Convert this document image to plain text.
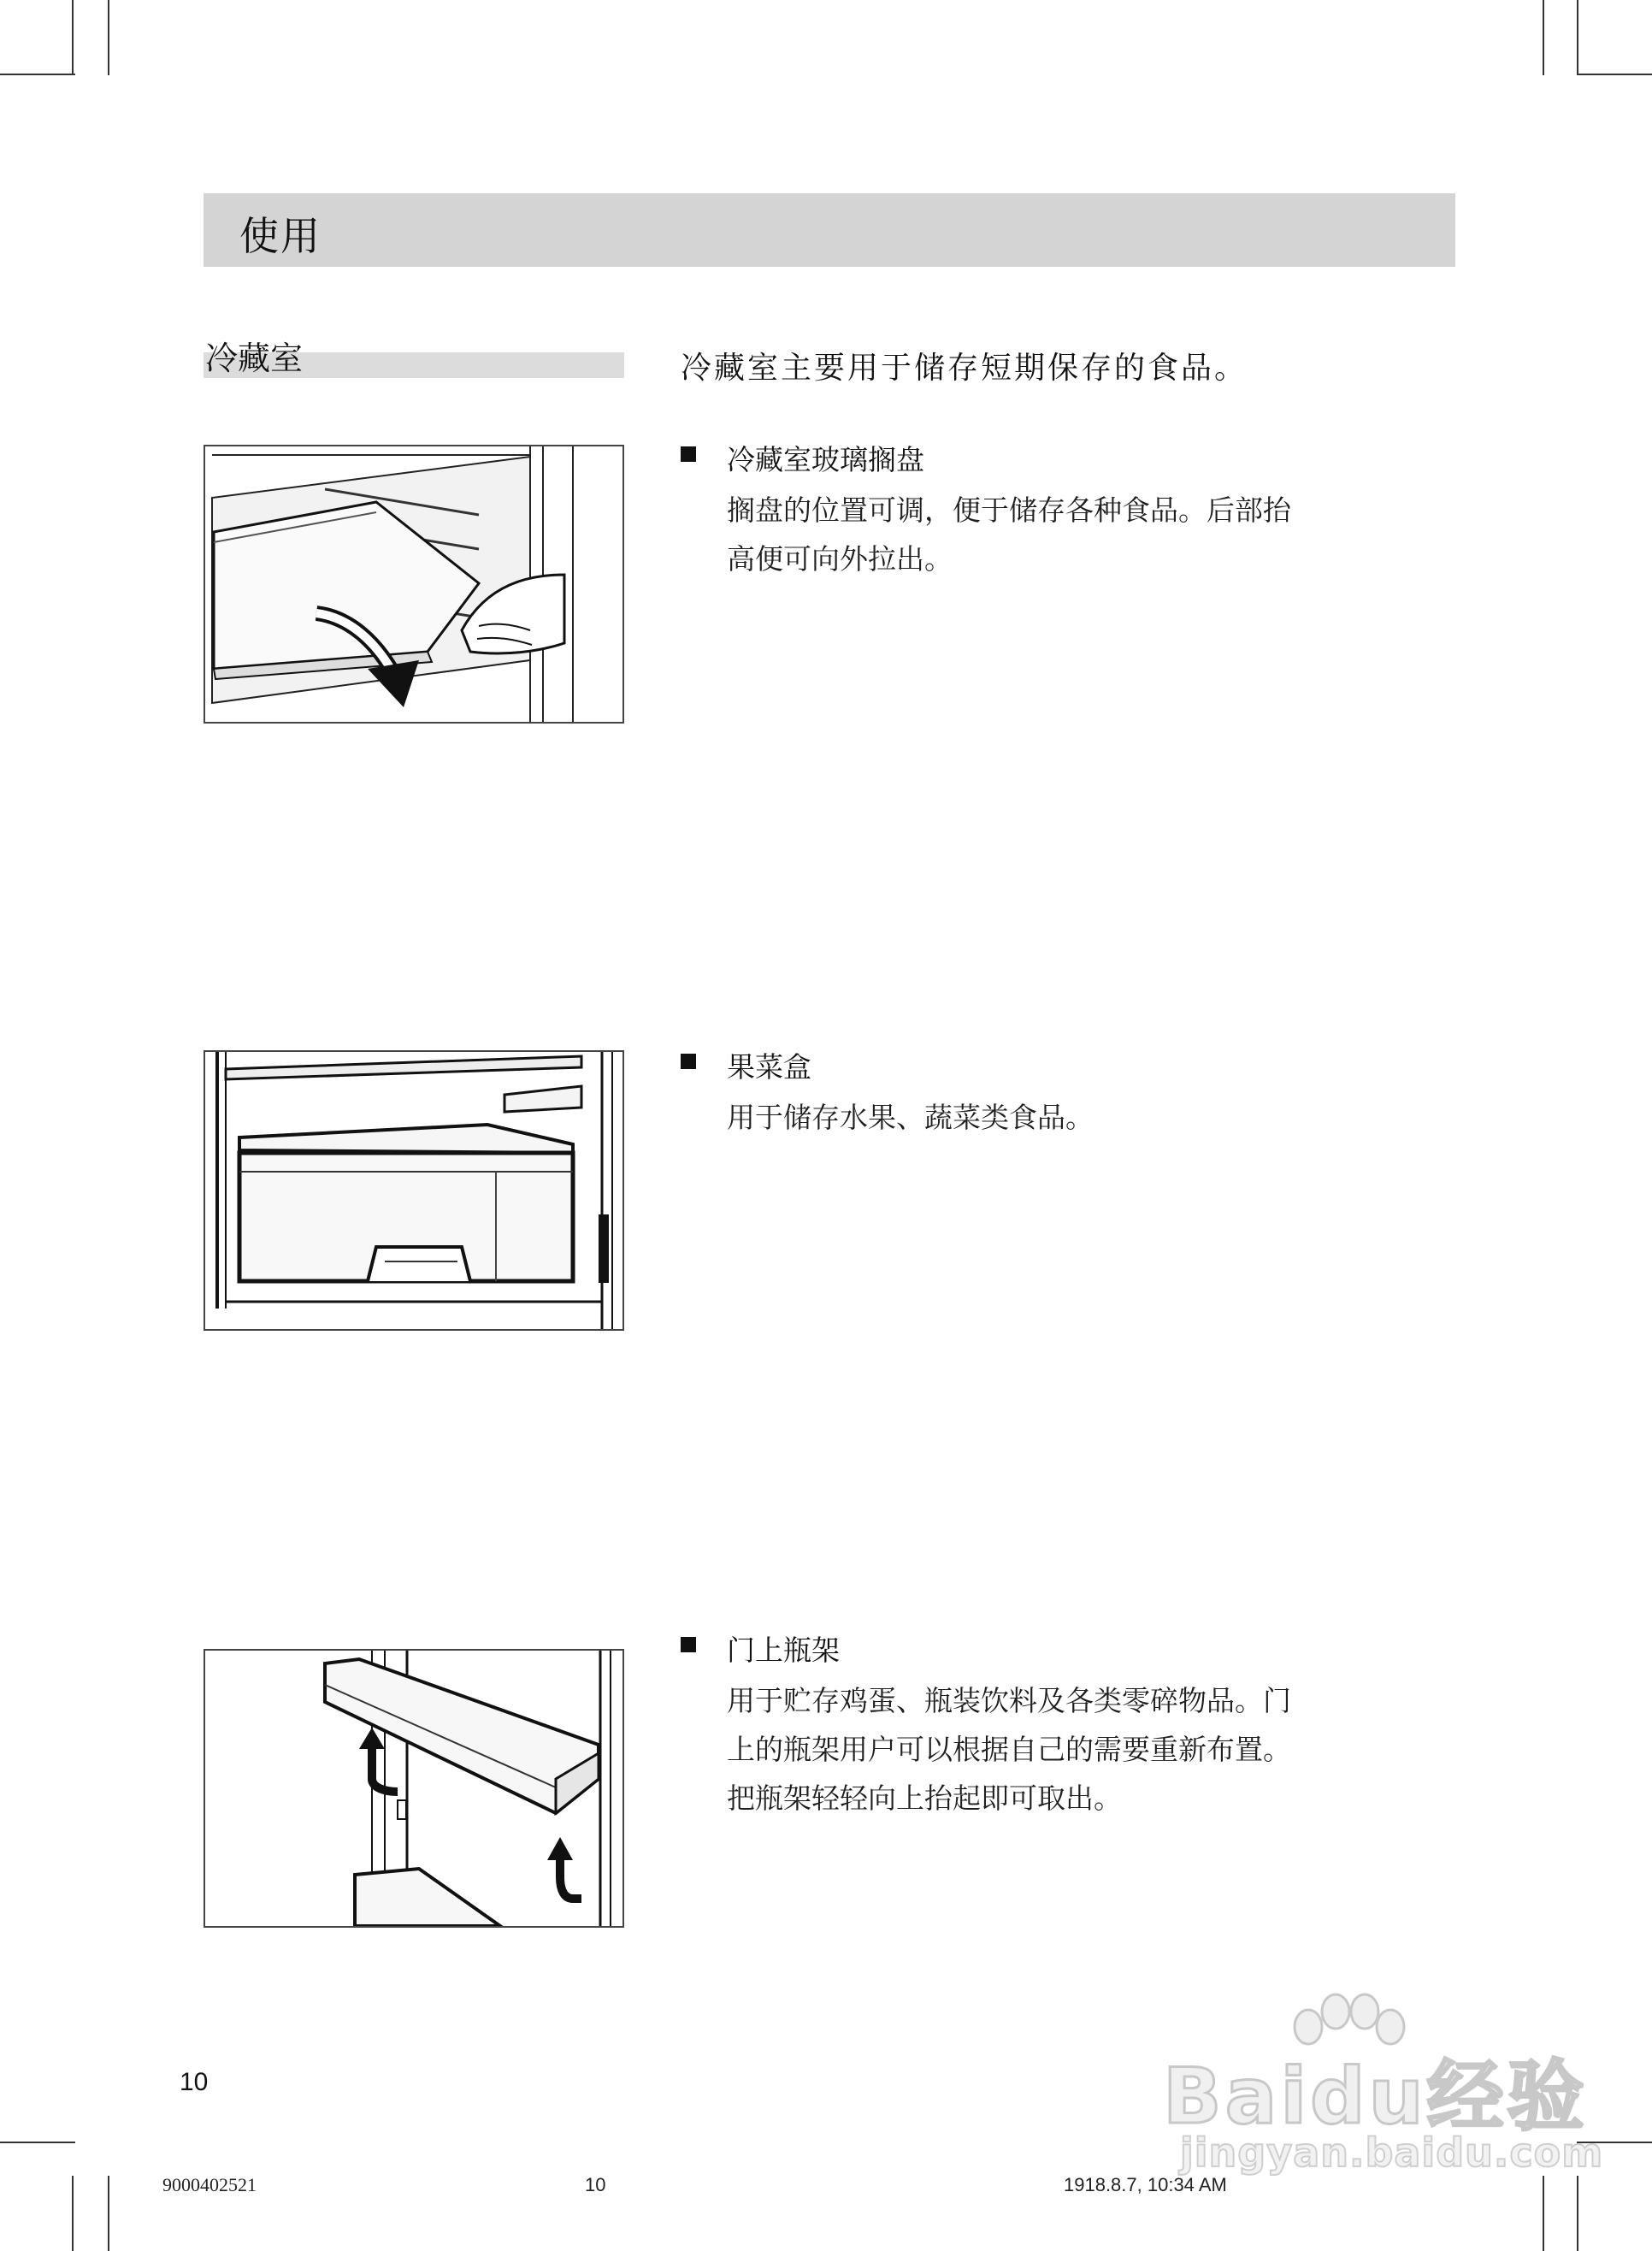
使用
冷藏室	冷藏室主要用于储存短期保存的食品。
冷藏室玻璃搁盘
搁盘的位置可调，便于储存各种食品。后部抬高便可向外拉出。
果菜盒
用于储存水果、蔬菜类食品。
门上瓶架
用于贮存鸡蛋、瓶装饮料及各类零碎物品。门上的瓶架用户可以根据自己的需要重新布置。把瓶架轻轻向上抬起即可取出。
10
9000402521	10	1918.8.7, 10:34 AM
Baidu经验
jingyan.baidu.com
